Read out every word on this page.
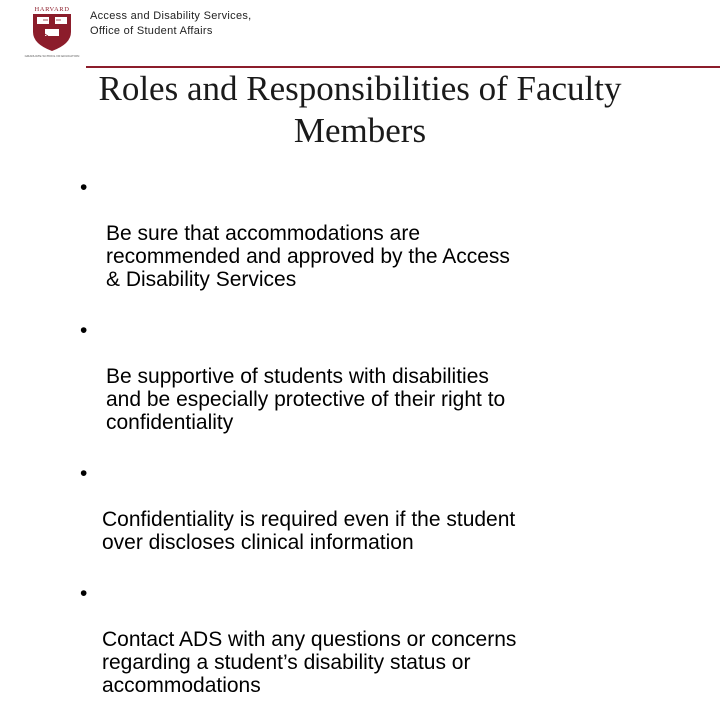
HARVARD
GRADUATE SCHOOL OF EDUCATION
Access and Disability Services,
Office of Student Affairs
Roles and Responsibilities of Faculty
Members

•

Be sure that accommodations are
recommended and approved by the Access
& Disability Services

•

Be supportive of students with disabilities
and be especially protective of their right to
confidentiality

•

Confidentiality is required even if the student
over discloses clinical information

•

Contact ADS with any questions or concerns
regarding a student’s disability status or
accommodations
